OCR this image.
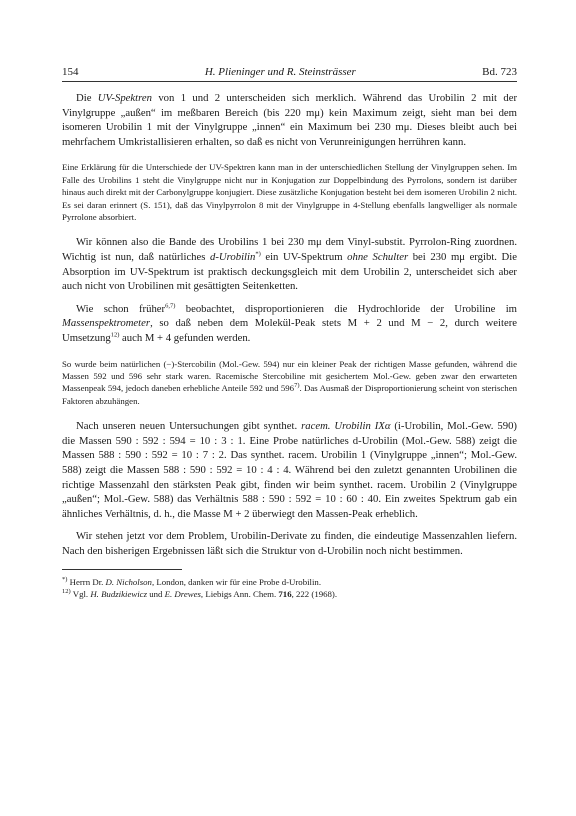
154	H. Plieninger und R. Steinsträsser	Bd. 723

Die UV-Spektren von 1 und 2 unterscheiden sich merklich. Während das Urobilin 2 mit der Vinylgruppe „außen“ im meßbaren Bereich (bis 220 mμ) kein Maximum zeigt, sieht man bei dem isomeren Urobilin 1 mit der Vinylgruppe „innen“ ein Maximum bei 230 mμ. Dieses bleibt auch bei mehrfachem Umkristallisieren erhalten, so daß es nicht von Verunreinigungen herrühren kann.

Eine Erklärung für die Unterschiede der UV-Spektren kann man in der unterschiedlichen Stellung der Vinylgruppen sehen. Im Falle des Urobilins 1 steht die Vinylgruppe nicht nur in Konjugation zur Doppelbindung des Pyrrolons, sondern ist darüber hinaus auch direkt mit der Carbonylgruppe konjugiert. Diese zusätzliche Konjugation besteht bei dem isomeren Urobilin 2 nicht. Es sei daran erinnert (S. 151), daß das Vinylpyrrolon 8 mit der Vinylgruppe in 4-Stellung ebenfalls langwelliger als normale Pyrrolone absorbiert.

Wir können also die Bande des Urobilins 1 bei 230 mμ dem Vinyl-substit. Pyrrolon-Ring zuordnen. Wichtig ist nun, daß natürliches d-Urobilin*) ein UV-Spektrum ohne Schulter bei 230 mμ ergibt. Die Absorption im UV-Spektrum ist praktisch deckungsgleich mit dem Urobilin 2, unterscheidet sich aber auch nicht von Urobilinen mit gesättigten Seitenketten.

Wie schon früher$^{6,7)}$ beobachtet, disproportionieren die Hydrochloride der Urobiline im Massenspektrometer, so daß neben dem Molekül-Peak stets M + 2 und M − 2, durch weitere Umsetzung$^{12)}$ auch M + 4 gefunden werden.

So wurde beim natürlichen (−)-Stercobilin (Mol.-Gew. 594) nur ein kleiner Peak der richtigen Masse gefunden, während die Massen 592 und 596 sehr stark waren. Racemische Stercobiline mit gesichertem Mol.-Gew. geben zwar den erwarteten Massenpeak 594, jedoch daneben erhebliche Anteile 592 und 596$^{7)}$. Das Ausmaß der Disproportionierung scheint von sterischen Faktoren abzuhängen.

Nach unseren neuen Untersuchungen gibt synthet. racem. Urobilin IXα (i-Urobilin, Mol.-Gew. 590) die Massen 590 : 592 : 594 = 10 : 3 : 1. Eine Probe natürliches d-Urobilin (Mol.-Gew. 588) zeigt die Massen 588 : 590 : 592 = 10 : 7 : 2. Das synthet. racem. Urobilin 1 (Vinylgruppe „innen“; Mol.-Gew. 588) zeigt die Massen 588 : 590 : 592 = 10 : 4 : 4. Während bei den zuletzt genannten Urobilinen die richtige Massenzahl den stärksten Peak gibt, finden wir beim synthet. racem. Urobilin 2 (Vinylgruppe „außen“; Mol.-Gew. 588) das Verhältnis 588 : 590 : 592 = 10 : 60 : 40. Ein zweites Spektrum gab ein ähnliches Verhältnis, d. h., die Masse M + 2 überwiegt den Massen-Peak erheblich.

Wir stehen jetzt vor dem Problem, Urobilin-Derivate zu finden, die eindeutige Massenzahlen liefern. Nach den bisherigen Ergebnissen läßt sich die Struktur von d-Urobilin noch nicht bestimmen.

*) Herrn Dr. D. Nicholson, London, danken wir für eine Probe d-Urobilin.

$^{12)}$ Vgl. H. Budzikiewicz und E. Drewes, Liebigs Ann. Chem. 716, 222 (1968).
